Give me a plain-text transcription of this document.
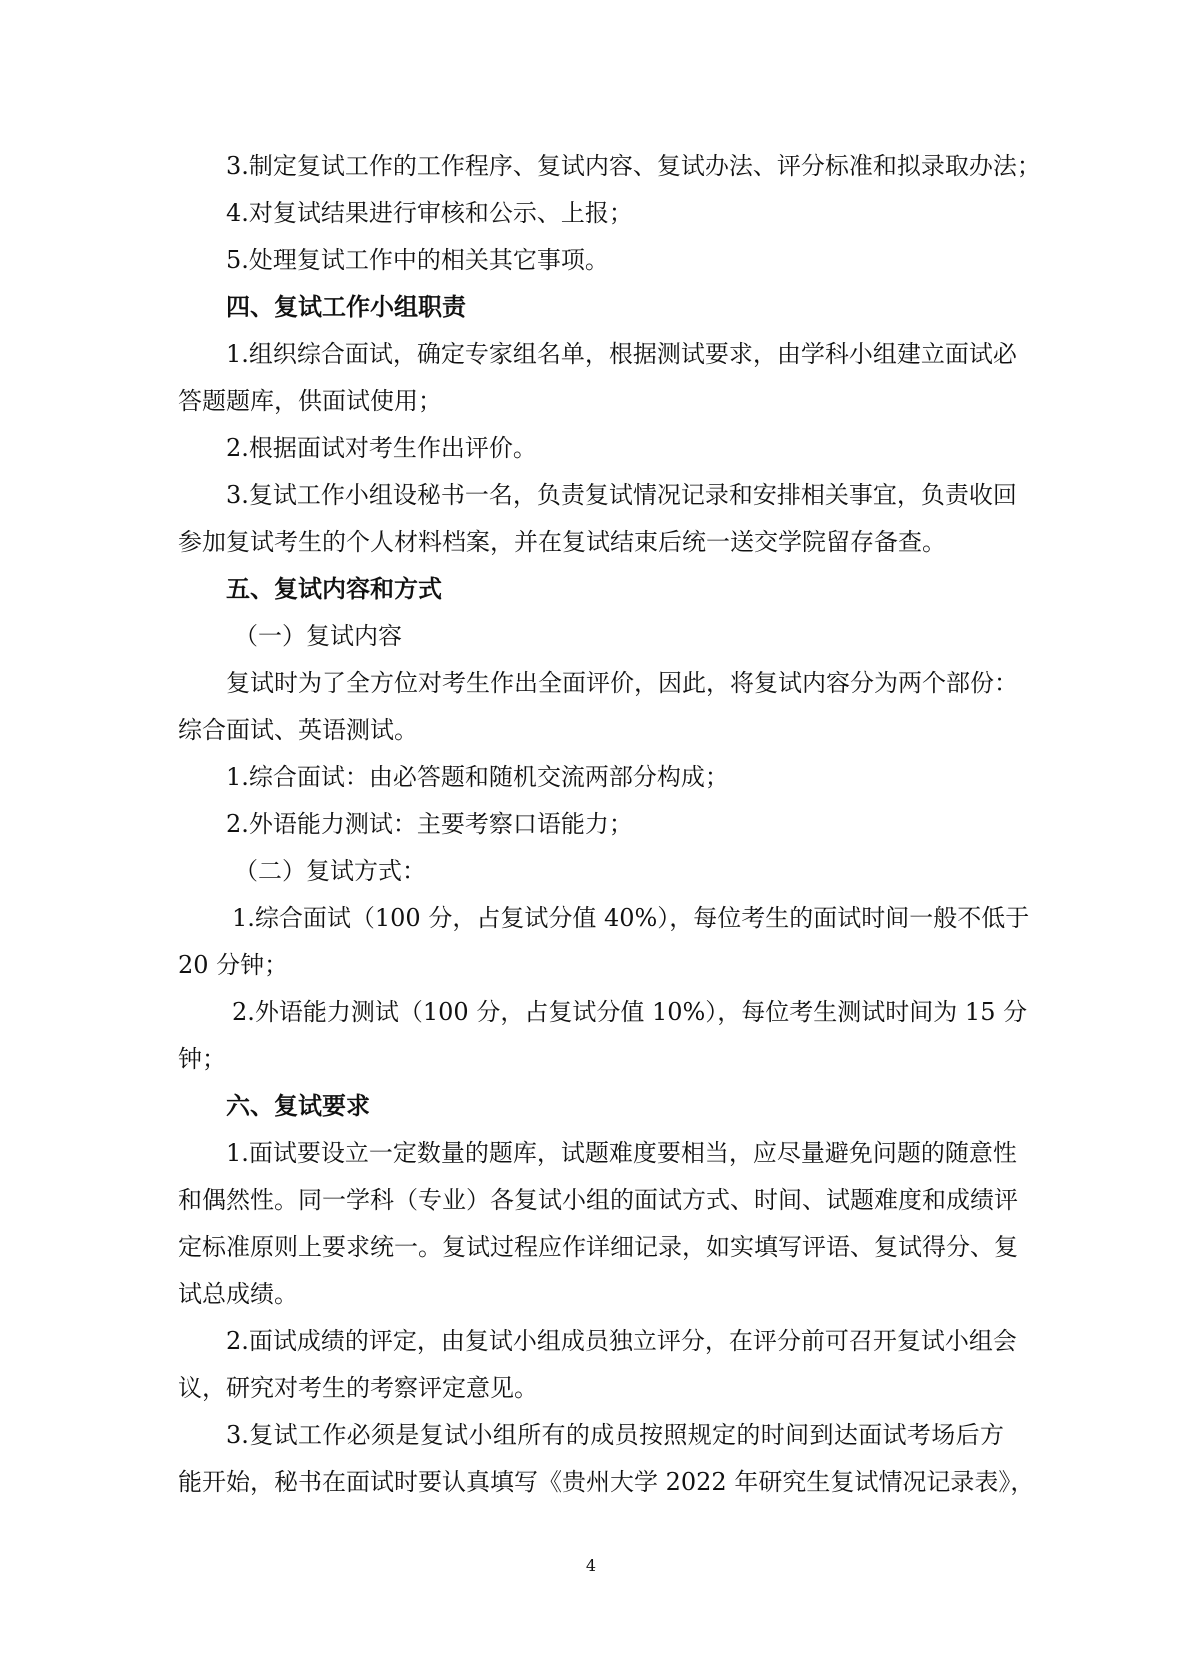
3.制定复试工作的工作程序、复试内容、复试办法、评分标准和拟录取办法；
4.对复试结果进行审核和公示、上报；
5.处理复试工作中的相关其它事项。
四、复试工作小组职责
1.组织综合面试，确定专家组名单，根据测试要求，由学科小组建立面试必
答题题库，供面试使用；
2.根据面试对考生作出评价。
3.复试工作小组设秘书一名，负责复试情况记录和安排相关事宜，负责收回
参加复试考生的个人材料档案，并在复试结束后统一送交学院留存备查。
五、复试内容和方式
（一）复试内容
复试时为了全方位对考生作出全面评价，因此，将复试内容分为两个部份：
综合面试、英语测试。
1.综合面试：由必答题和随机交流两部分构成；
2.外语能力测试：主要考察口语能力；
（二）复试方式：
1.综合面试（100 分，占复试分值 40%），每位考生的面试时间一般不低于
20 分钟；
2.外语能力测试（100 分，占复试分值 10%），每位考生测试时间为 15 分
钟；
六、复试要求
1.面试要设立一定数量的题库，试题难度要相当，应尽量避免问题的随意性
和偶然性。同一学科（专业）各复试小组的面试方式、时间、试题难度和成绩评
定标准原则上要求统一。复试过程应作详细记录，如实填写评语、复试得分、复
试总成绩。
2.面试成绩的评定，由复试小组成员独立评分，在评分前可召开复试小组会
议，研究对考生的考察评定意见。
3.复试工作必须是复试小组所有的成员按照规定的时间到达面试考场后方
能开始，秘书在面试时要认真填写《贵州大学 2022 年研究生复试情况记录表》，
4
